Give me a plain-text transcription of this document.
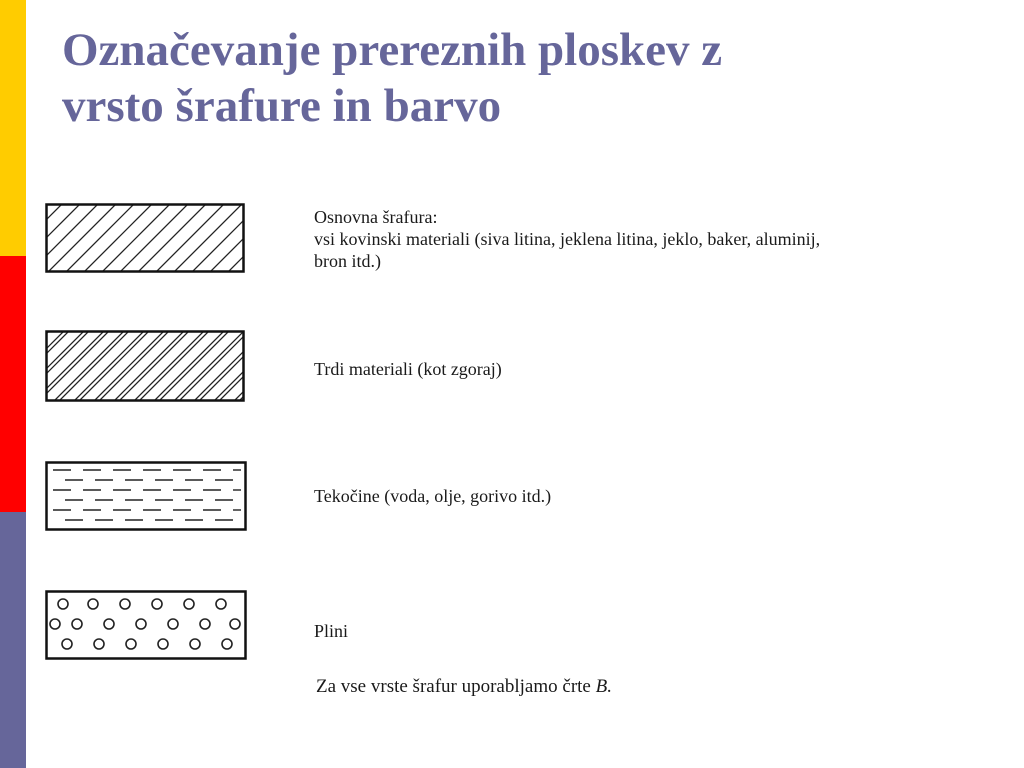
Označevanje prereznih ploskev z
vrsto šrafure in barvo

Osnovna šrafura:
vsi kovinski materiali (siva litina, jeklena litina, jeklo, baker, aluminij,
bron itd.)

Trdi materiali (kot zgoraj)

Tekočine (voda, olje, gorivo itd.)

Plini

Za vse vrste šrafur uporabljamo črte B.
